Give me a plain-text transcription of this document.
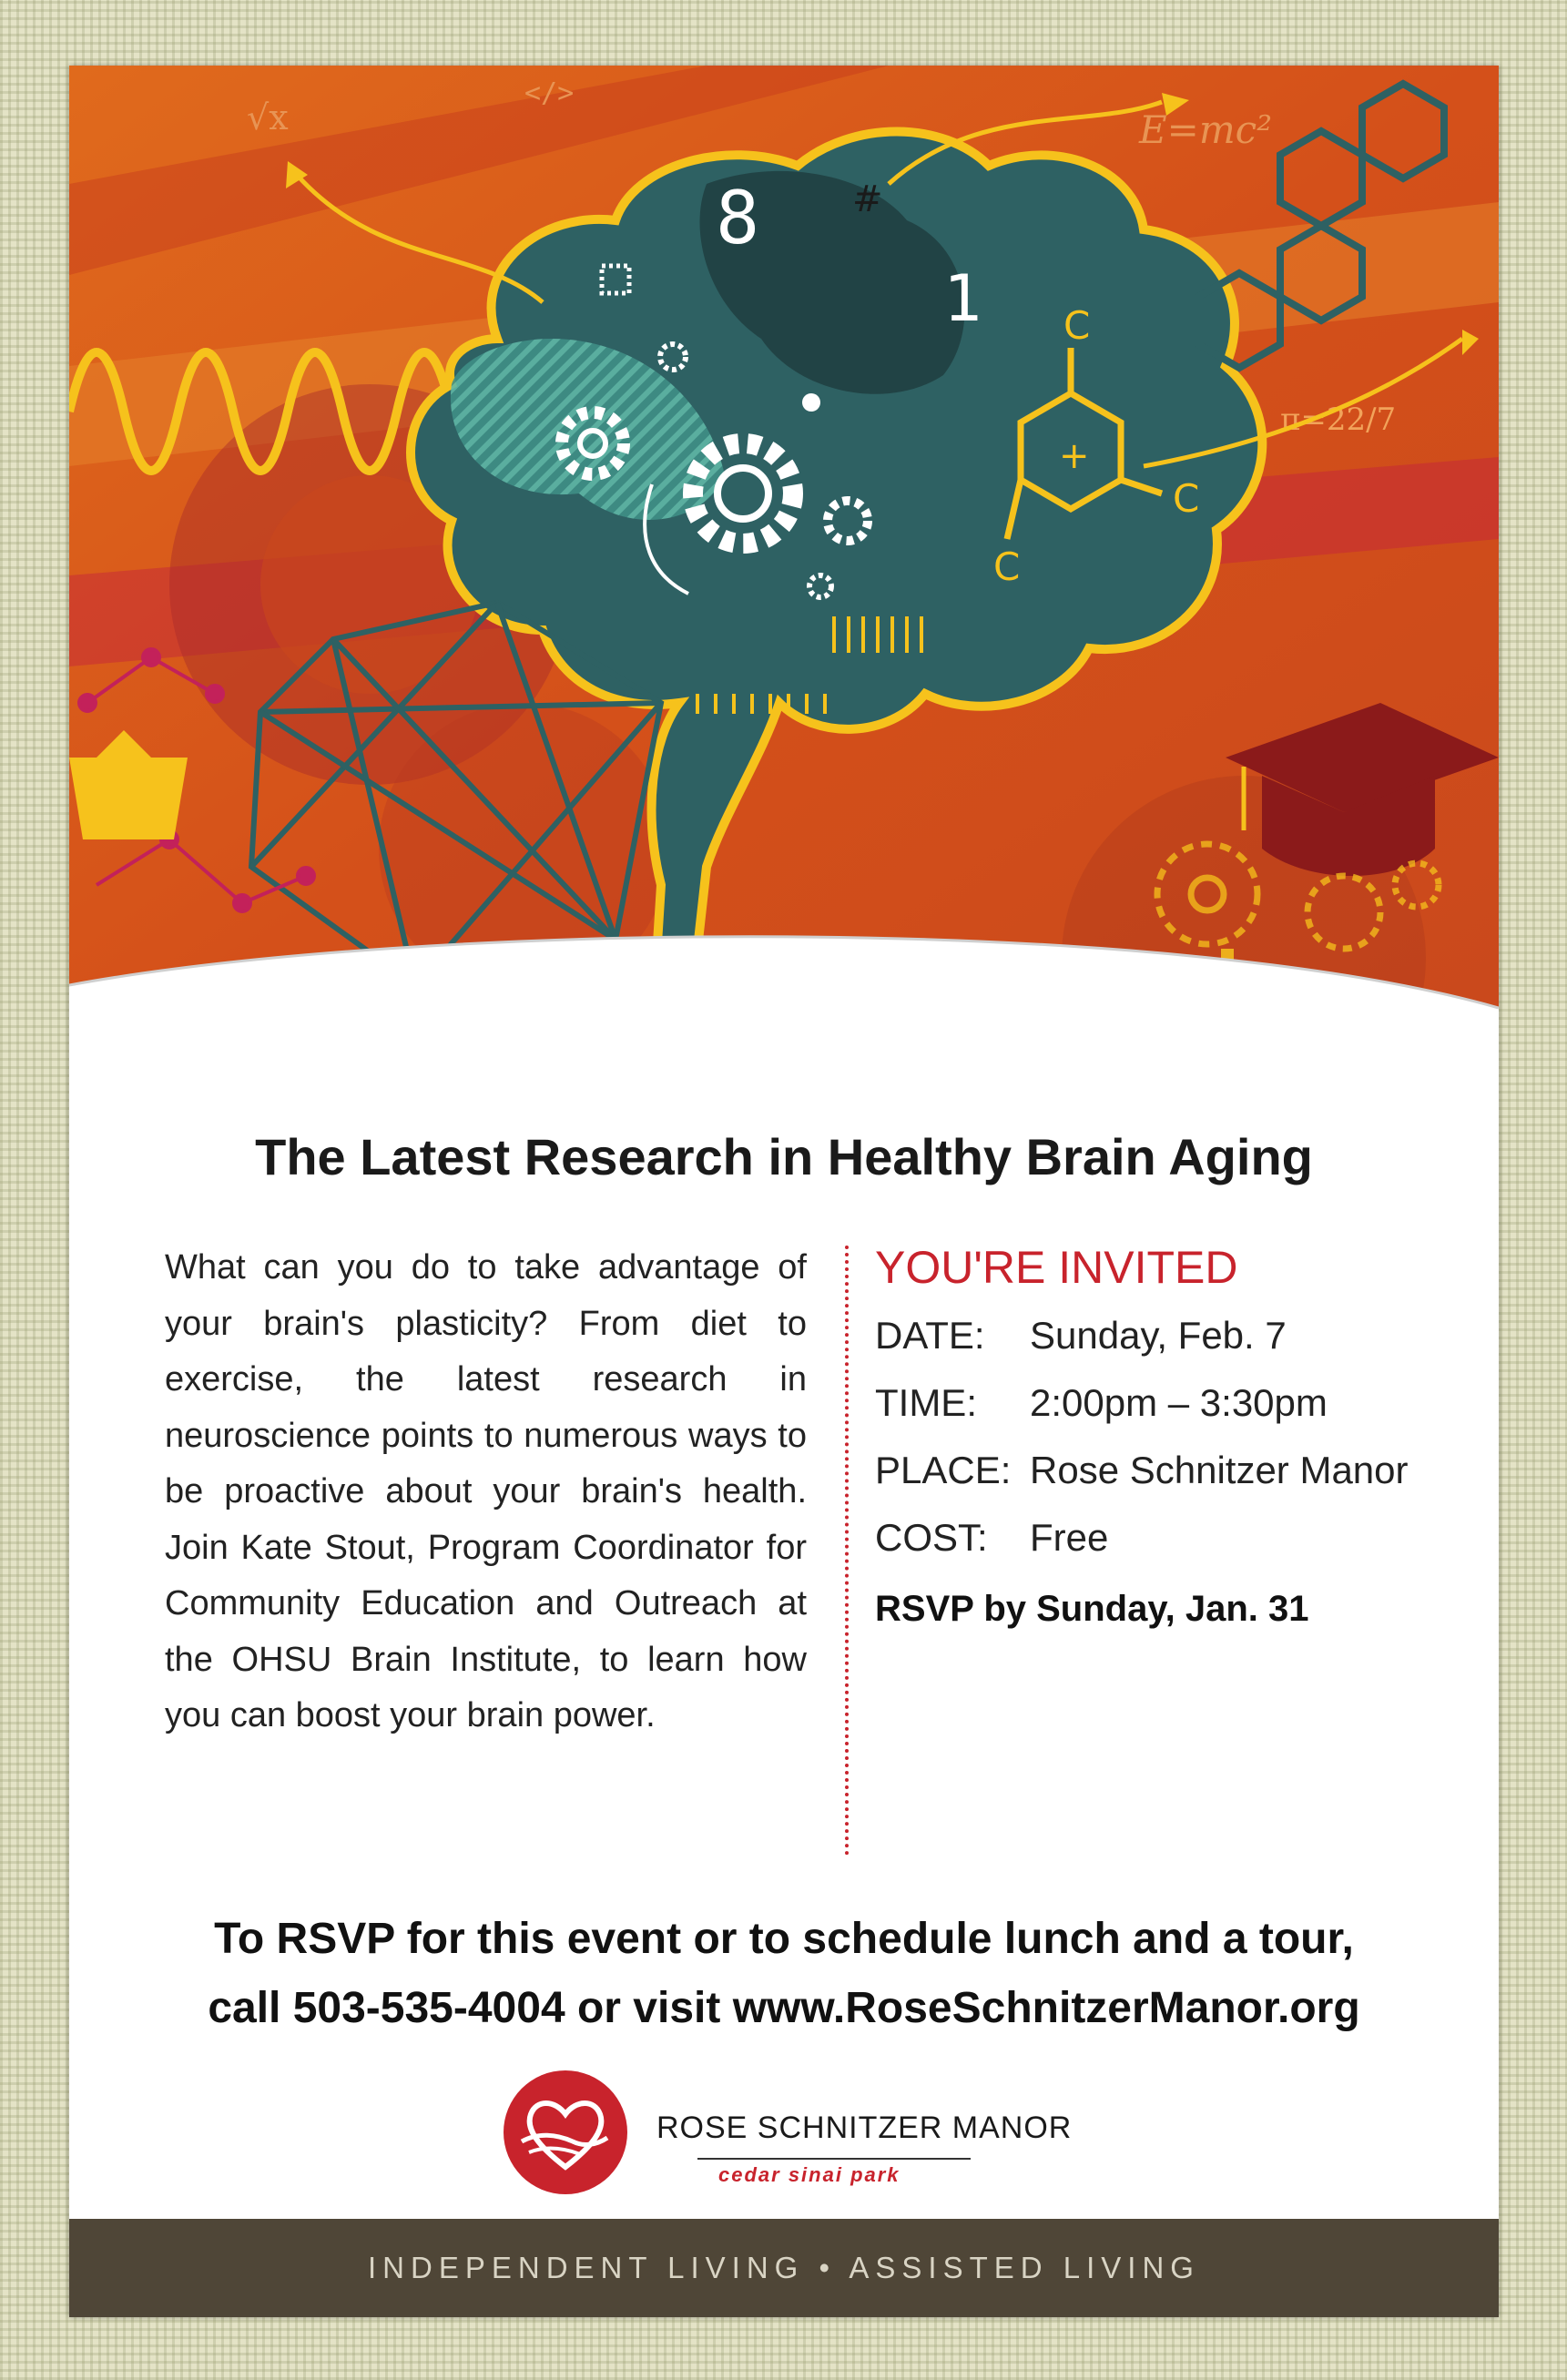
8
1
#
+
C
C
C
E=mc²
π=22/7
√x
</>
The Latest Research in Healthy Brain Aging
What can you do to take advantage of your brain's plasticity? From diet to exercise, the latest research in neuroscience points to numerous ways to be proactive about your brain's health. Join Kate Stout, Program Coordinator for Community Education and Outreach at the OHSU Brain Institute, to learn how you can boost your brain power.
YOU'RE INVITED
DATE:	Sunday, Feb. 7
TIME:	2:00pm – 3:30pm
PLACE: Rose Schnitzer Manor
COST:	Free
RSVP by Sunday, Jan. 31
To RSVP for this event or to schedule lunch and a tour,
call 503-535-4004 or visit www.RoseSchnitzerManor.org
ROSE SCHNITZER MANOR
cedar sinai park
INDEPENDENT LIVING • ASSISTED LIVING
